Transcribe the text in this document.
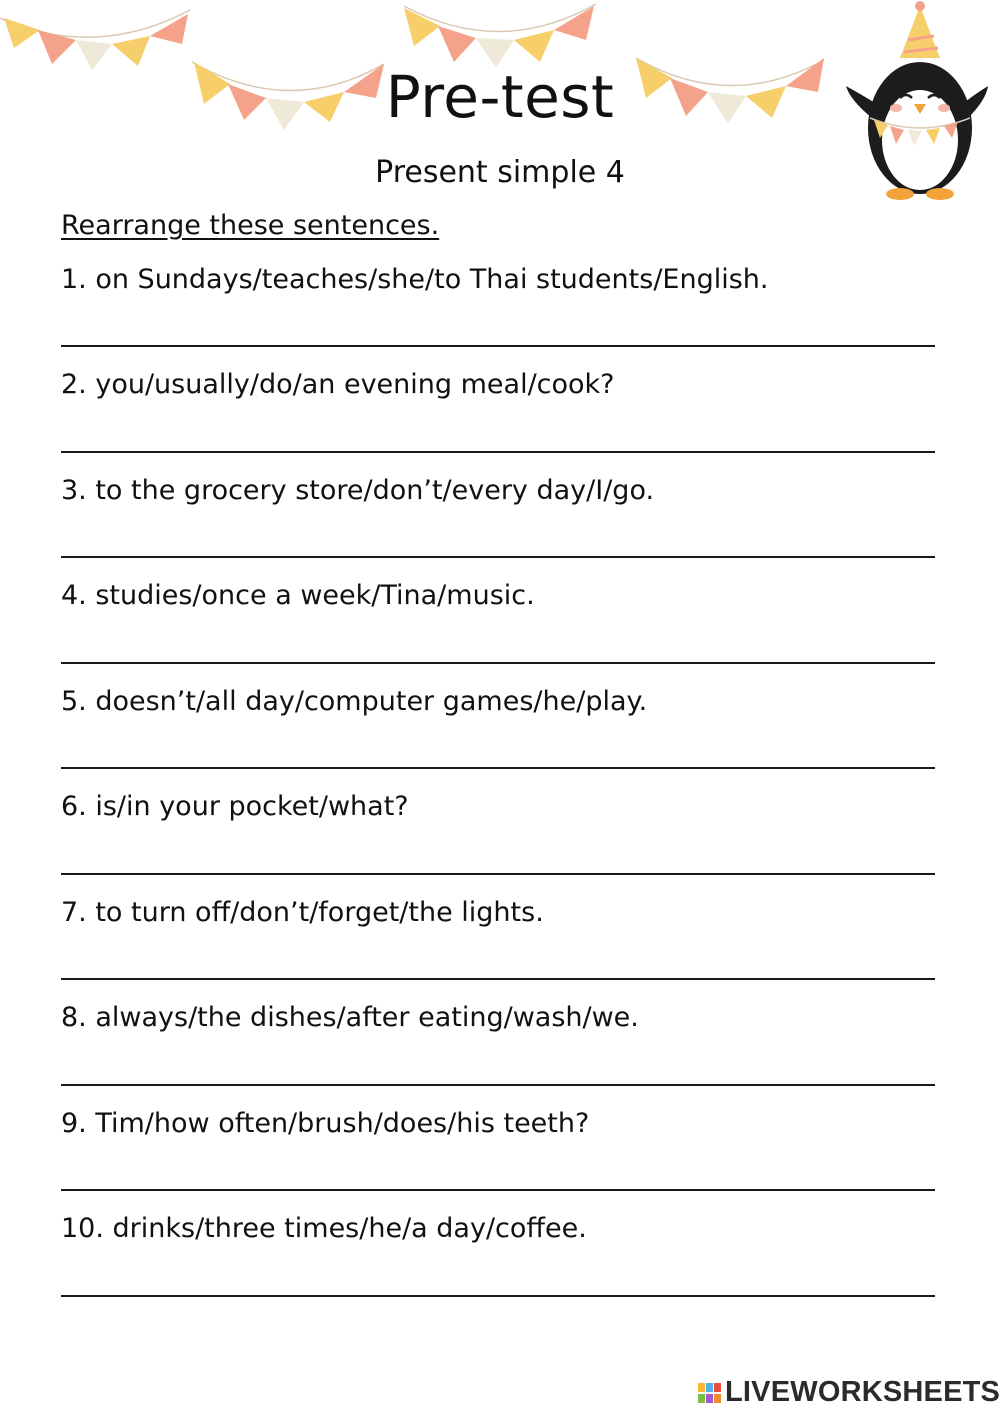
Pre-test

Present simple 4

Rearrange these sentences.

1. on Sundays/teaches/she/to Thai students/English.
2. you/usually/do/an evening meal/cook?
3. to the grocery store/don’t/every day/I/go.
4. studies/once a week/Tina/music.
5. doesn’t/all day/computer games/he/play.
6. is/in your pocket/what?
7. to turn off/don’t/forget/the lights.
8. always/the dishes/after eating/wash/we.
9. Tim/how often/brush/does/his teeth?
10. drinks/three times/he/a day/coffee.
LIVEWORKSHEETS
